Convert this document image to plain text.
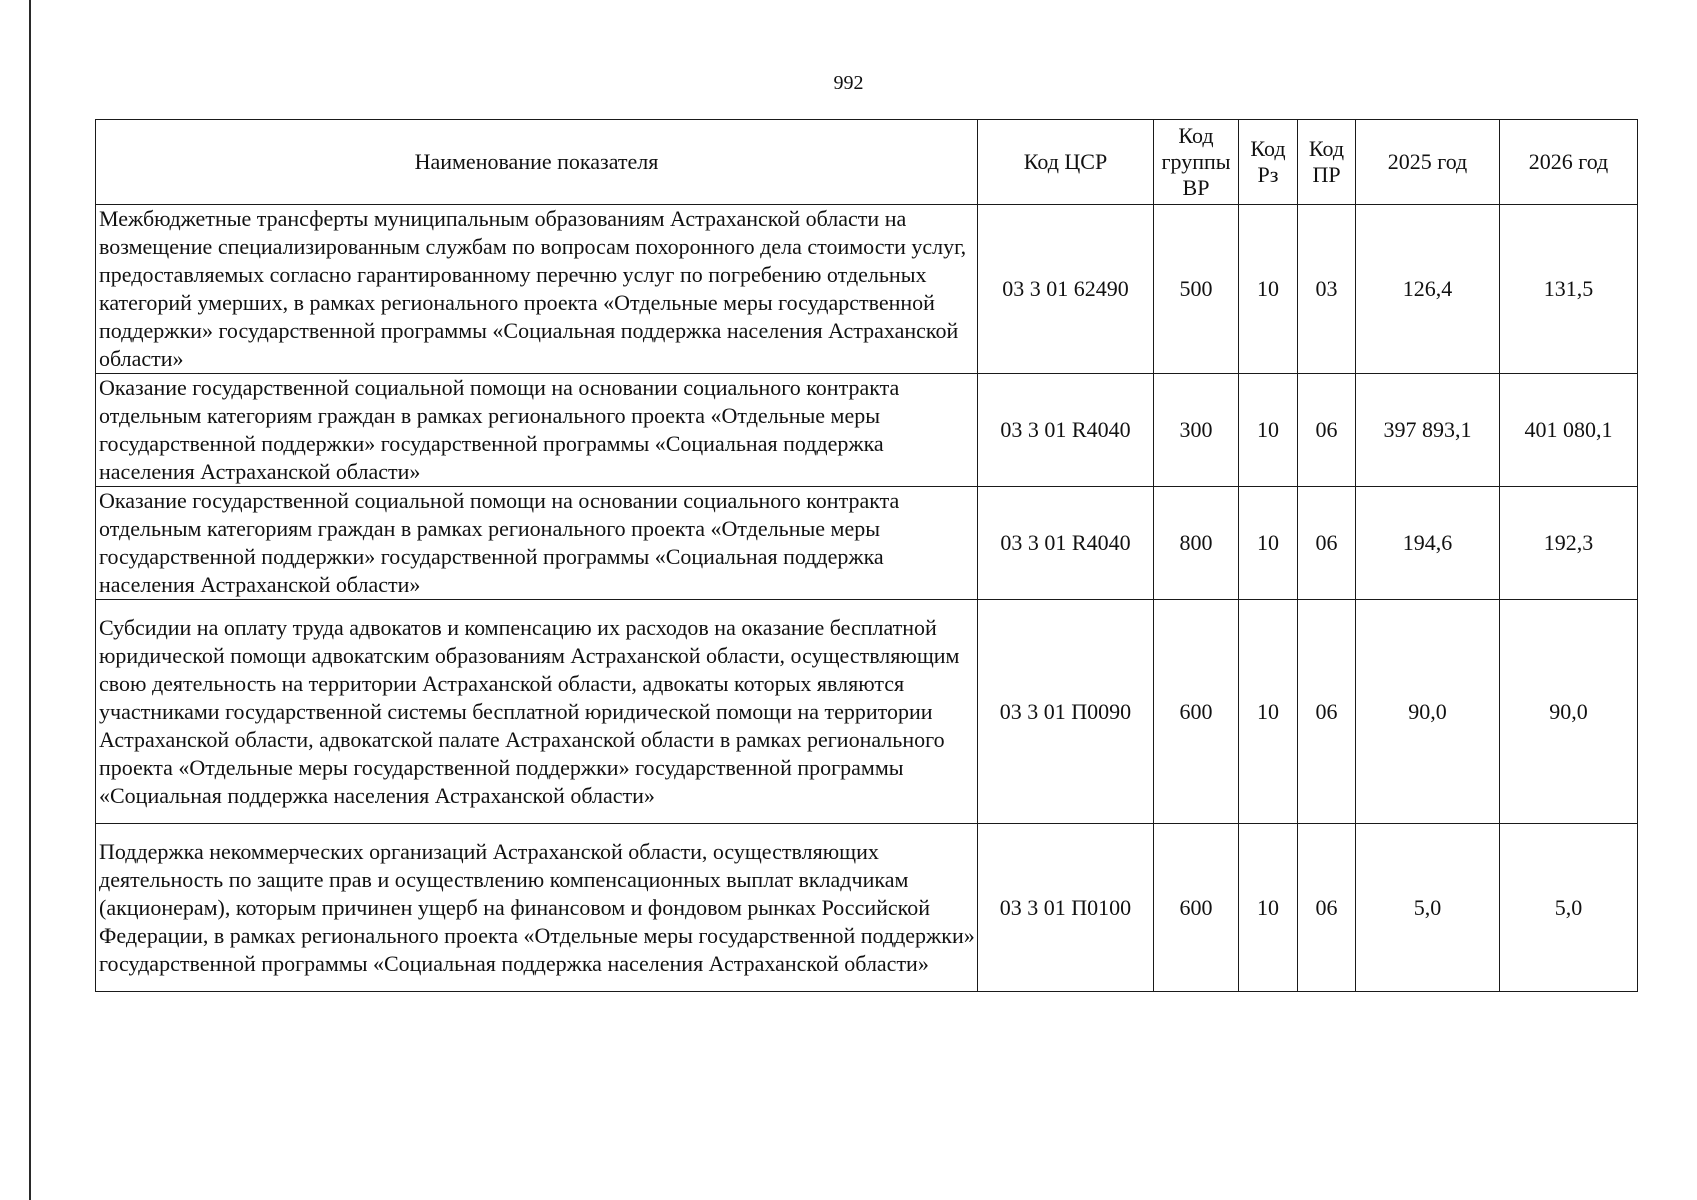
992
Наименование показателя	Код ЦСР	Код группы ВР	Код Рз	Код ПР	2025 год	2026 год
Межбюджетные трансферты муниципальным образованиям Астраханской области на возмещение специализированным службам по вопросам похоронного дела стоимости услуг, предоставляемых согласно гарантированному перечню услуг по погребению отдельных категорий умерших, в рамках регионального проекта «Отдельные меры государственной поддержки» государственной программы «Социальная поддержка населения Астраханской области»	03 3 01 62490	500	10	03	126,4	131,5
Оказание государственной социальной помощи на основании социального контракта отдельным категориям граждан в рамках регионального проекта «Отдельные меры государственной поддержки» государственной программы «Социальная поддержка населения Астраханской области»	03 3 01 R4040	300	10	06	397 893,1	401 080,1
Оказание государственной социальной помощи на основании социального контракта отдельным категориям граждан в рамках регионального проекта «Отдельные меры государственной поддержки» государственной программы «Социальная поддержка населения Астраханской области»	03 3 01 R4040	800	10	06	194,6	192,3
Субсидии на оплату труда адвокатов и компенсацию их расходов на оказание бесплатной юридической помощи адвокатским образованиям Астраханской области, осуществляющим свою деятельность на территории Астраханской области, адвокаты которых являются участниками государственной системы бесплатной юридической помощи на территории Астраханской области, адвокатской палате Астраханской области в рамках регионального проекта «Отдельные меры государственной поддержки» государственной программы «Социальная поддержка населения Астраханской области»	03 3 01 П0090	600	10	06	90,0	90,0
Поддержка некоммерческих организаций Астраханской области, осуществляющих деятельность по защите прав и осуществлению компенсационных выплат вкладчикам (акционерам), которым причинен ущерб на финансовом и фондовом рынках Российской Федерации, в рамках регионального проекта «Отдельные меры государственной поддержки» государственной программы «Социальная поддержка населения Астраханской области»	03 3 01 П0100	600	10	06	5,0	5,0
